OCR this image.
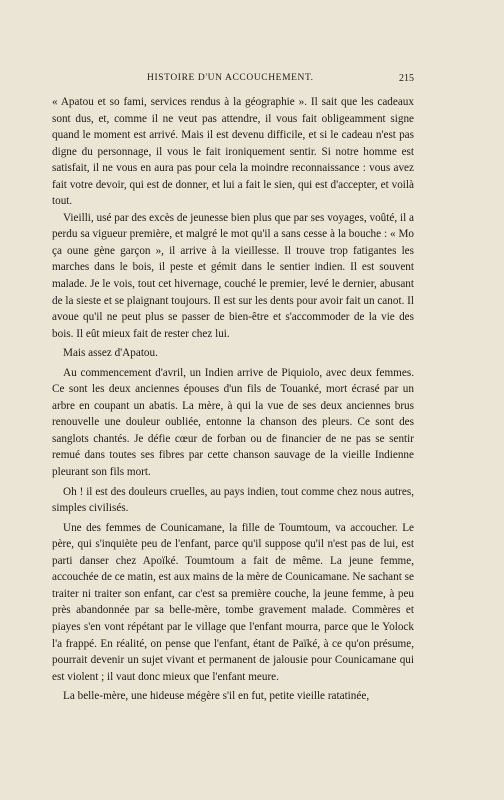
HISTOIRE D'UN ACCOUCHEMENT.	215

« Apatou et so fami, services rendus à la géographie ». Il sait que les cadeaux sont dus, et, comme il ne veut pas attendre, il vous fait obligeamment signe quand le moment est arrivé. Mais il est devenu difficile, et si le cadeau n'est pas digne du personnage, il vous le fait ironiquement sentir. Si notre homme est satisfait, il ne vous en aura pas pour cela la moindre reconnaissance : vous avez fait votre devoir, qui est de donner, et lui a fait le sien, qui est d'accepter, et voilà tout.

Vieilli, usé par des excès de jeunesse bien plus que par ses voyages, voûté, il a perdu sa vigueur première, et malgré le mot qu'il a sans cesse à la bouche : « Mo ça oune gène garçon », il arrive à la vieillesse. Il trouve trop fatigantes les marches dans le bois, il peste et gémit dans le sentier indien. Il est souvent malade. Je le vois, tout cet hivernage, couché le premier, levé le dernier, abusant de la sieste et se plaignant toujours. Il est sur les dents pour avoir fait un canot. Il avoue qu'il ne peut plus se passer de bien-être et s'accommoder de la vie des bois. Il eût mieux fait de rester chez lui.

Mais assez d'Apatou.

Au commencement d'avril, un Indien arrive de Piquiolo, avec deux femmes. Ce sont les deux anciennes épouses d'un fils de Touanké, mort écrasé par un arbre en coupant un abatis. La mère, à qui la vue de ses deux anciennes brus renouvelle une douleur oubliée, entonne la chanson des pleurs. Ce sont des sanglots chantés. Je défie cœur de forban ou de financier de ne pas se sentir remué dans toutes ses fibres par cette chanson sauvage de la vieille Indienne pleurant son fils mort.

Oh ! il est des douleurs cruelles, au pays indien, tout comme chez nous autres, simples civilisés.

Une des femmes de Counicamane, la fille de Toumtoum, va accoucher. Le père, qui s'inquiète peu de l'enfant, parce qu'il suppose qu'il n'est pas de lui, est parti danser chez Apoïké. Toumtoum a fait de même. La jeune femme, accouchée de ce matin, est aux mains de la mère de Counicamane. Ne sachant se traiter ni traiter son enfant, car c'est sa première couche, la jeune femme, à peu près abandonnée par sa belle-mère, tombe gravement malade. Commères et piayes s'en vont répétant par le village que l'enfant mourra, parce que le Yolock l'a frappé. En réalité, on pense que l'enfant, étant de Païké, à ce qu'on présume, pourrait devenir un sujet vivant et permanent de jalousie pour Counicamane qui est violent ; il vaut donc mieux que l'enfant meure.

La belle-mère, une hideuse mégère s'il en fut, petite vieille ratatinée,
